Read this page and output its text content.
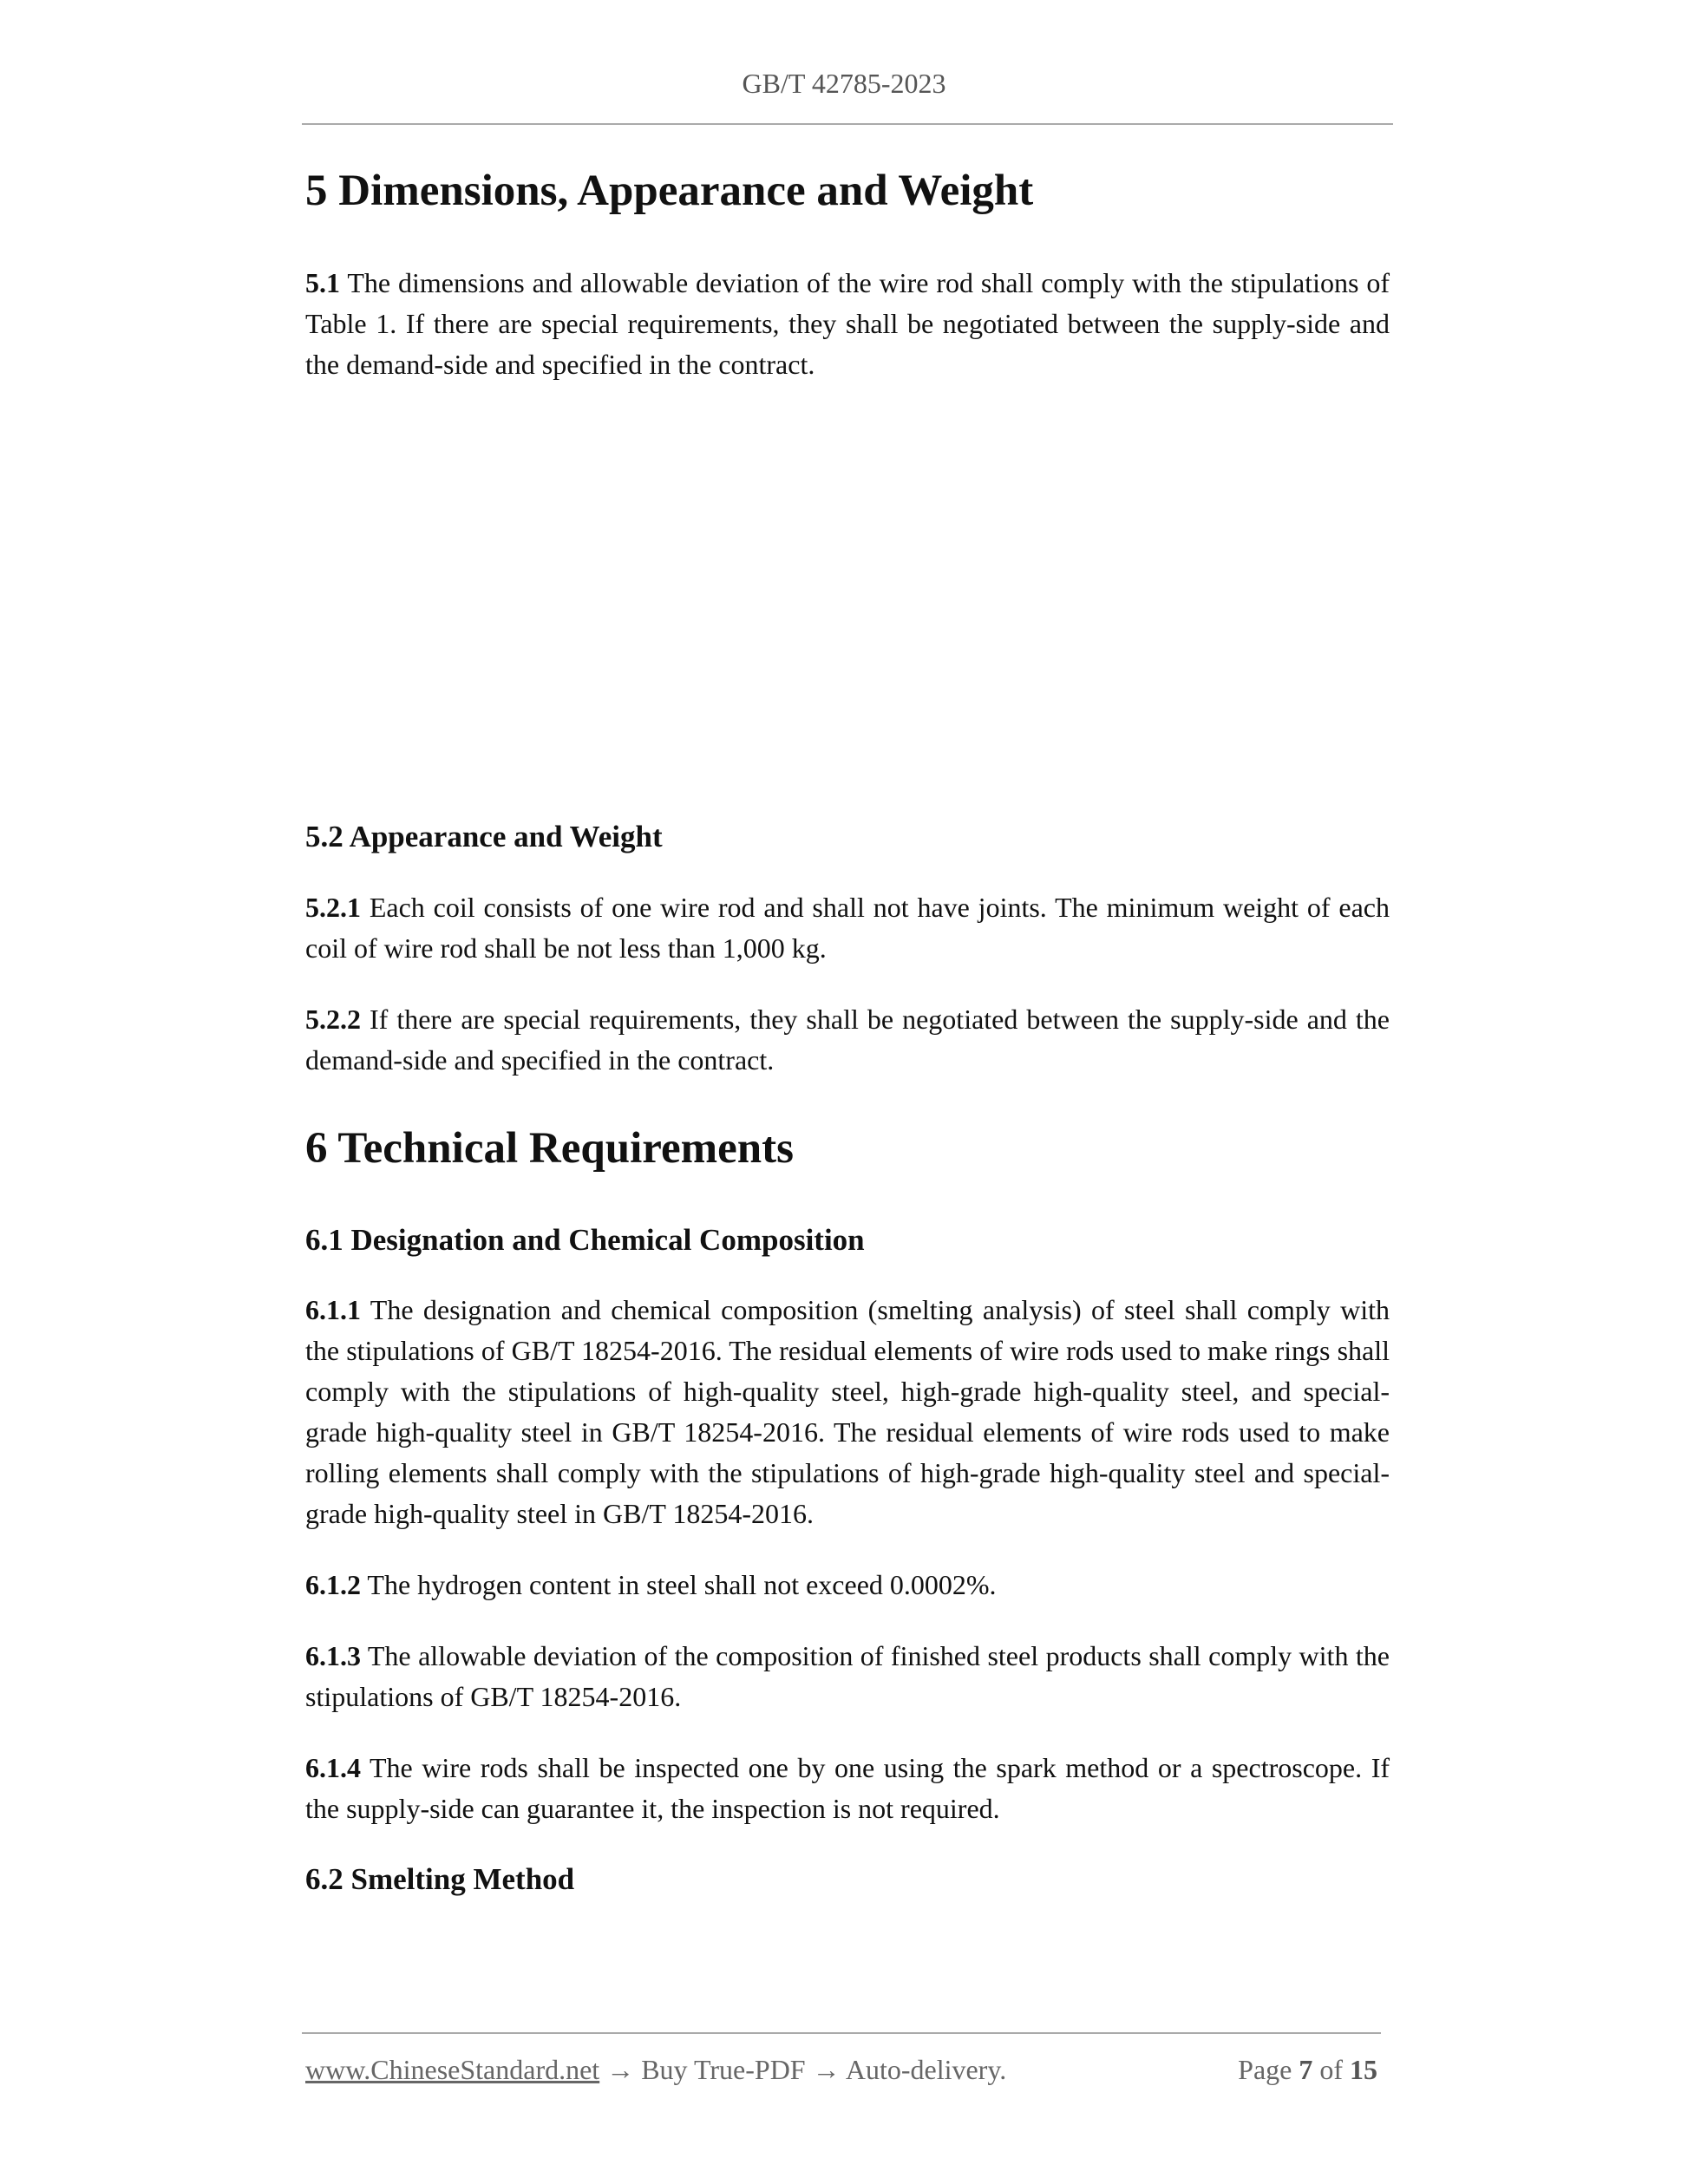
GB/T 42785-2023
5 Dimensions, Appearance and Weight

5.1 The dimensions and allowable deviation of the wire rod shall comply with the stipulations of Table 1. If there are special requirements, they shall be negotiated between the supply-side and the demand-side and specified in the contract.

5.2 Appearance and Weight

5.2.1 Each coil consists of one wire rod and shall not have joints. The minimum weight of each coil of wire rod shall be not less than 1,000 kg.

5.2.2 If there are special requirements, they shall be negotiated between the supply-side and the demand-side and specified in the contract.

6 Technical Requirements
6.1 Designation and Chemical Composition

6.1.1 The designation and chemical composition (smelting analysis) of steel shall comply with the stipulations of GB/T 18254-2016. The residual elements of wire rods used to make rings shall comply with the stipulations of high-quality steel, high-grade high-quality steel, and special-grade high-quality steel in GB/T 18254-2016. The residual elements of wire rods used to make rolling elements shall comply with the stipulations of high-grade high-quality steel and special-grade high-quality steel in GB/T 18254-2016.

6.1.2 The hydrogen content in steel shall not exceed 0.0002%.

6.1.3 The allowable deviation of the composition of finished steel products shall comply with the stipulations of GB/T 18254-2016.

6.1.4 The wire rods shall be inspected one by one using the spark method or a spectroscope. If the supply-side can guarantee it, the inspection is not required.

6.2 Smelting Method
www.ChineseStandard.net → Buy True-PDF → Auto-delivery.	Page 7 of 15
